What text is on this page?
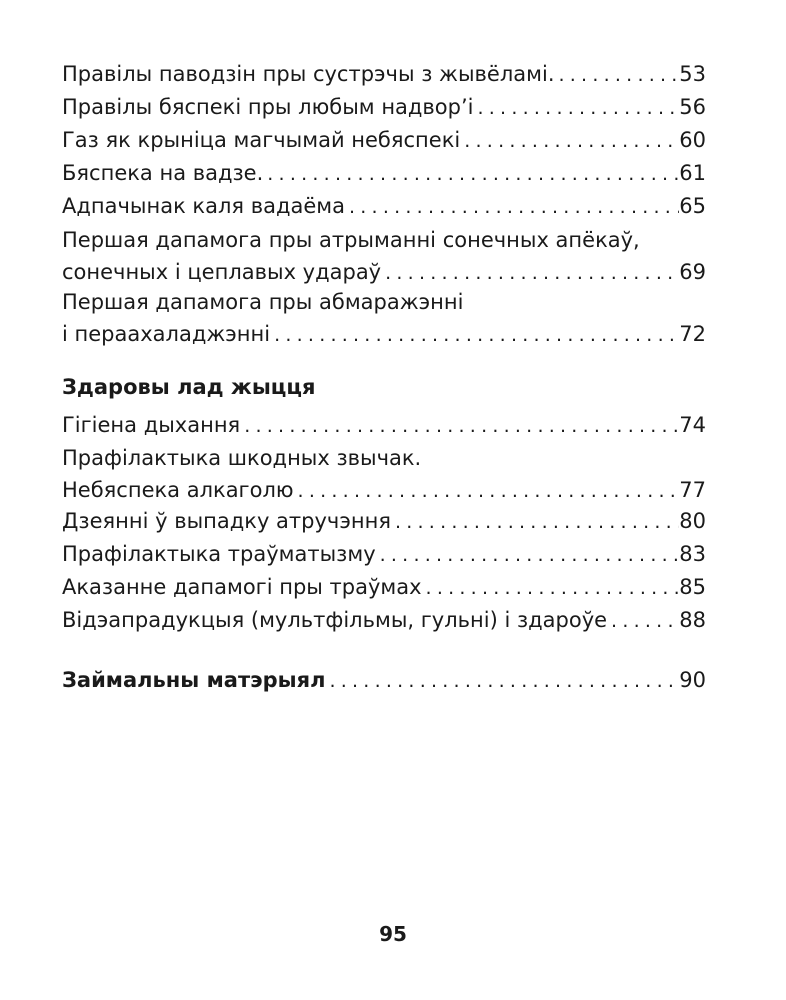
Правілы паводзін пры сустрэчы з жывёламі. . . .	53
Правілы бяспекі пры любым надвор’і . . .	56
Газ як крыніца магчымай небяспекі . . .	60
Бяспека на вадзе. . . .	61
Адпачынак каля вадаёма . . .	65
Першая дапамога пры атрыманні сонечных апёкаў,
сонечных і цеплавых удараў . . .	69
Першая дапамога пры абмаражэнні
і пераахаладжэнні . . .	72
Здаровы лад жыцця
Гігіена дыхання . . .	74
Прафілактыка шкодных звычак.
Небяспека алкаголю . . .	77
Дзеянні ў выпадку атручэння . . .	80
Прафілактыка траўматызму . . .	83
Аказанне дапамогі пры траўмах . . .	85
Відэапрадукцыя (мультфільмы, гульні) і здароўе . . .	88
Займальны матэрыял . . .	90
95
